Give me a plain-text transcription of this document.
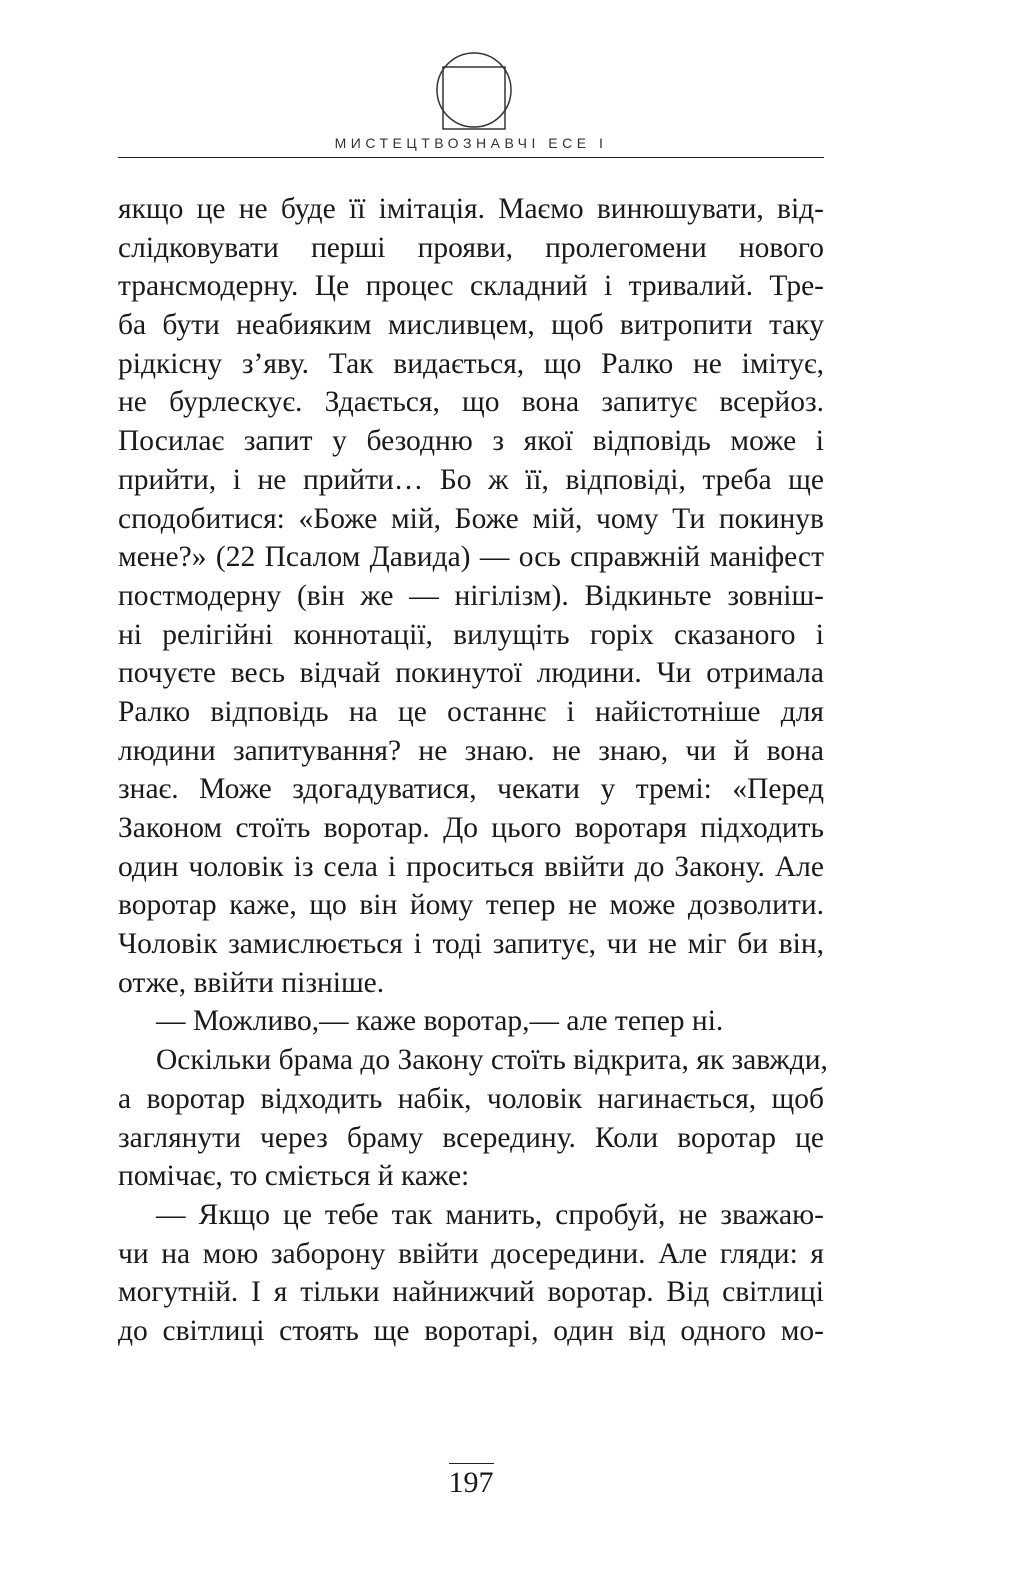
МИСТЕЦТВОЗНАВЧІ ЕСЕ І
якщо це не буде її імітація. Маємо винюшувати, від-
слідковувати перші прояви, пролегомени нового
трансмодерну. Це процес складний і тривалий. Тре-
ба бути неабияким мисливцем, щоб витропити таку
рідкісну з’яву. Так видається, що Ралко не імітує,
не бурлескує. Здається, що вона запитує всерйоз.
Посилає запит у безодню з якої відповідь може і
прийти, і не прийти… Бо ж її, відповіді, треба ще
сподобитися: «Боже мій, Боже мій, чому Ти покинув
мене?» (22 Псалом Давида) — ось справжній маніфест
постмодерну (він же — нігілізм). Відкиньте зовніш-
ні релігійні коннотації, вилущіть горіх сказаного і
почуєте весь відчай покинутої людини. Чи отримала
Ралко відповідь на це останнє і найістотніше для
людини запитування? не знаю. не знаю, чи й вона
знає. Може здогадуватися, чекати у тремі: «Перед
Законом стоїть воротар. До цього воротаря підходить
один чоловік із села і проситься ввійти до Закону. Але
воротар каже, що він йому тепер не може дозволити.
Чоловік замислюється і тоді запитує, чи не міг би він,
отже, ввійти пізніше.
— Можливо,— каже воротар,— але тепер ні.
Оскільки брама до Закону стоїть відкрита, як завжди,
а воротар відходить набік, чоловік нагинається, щоб
заглянути через браму всередину. Коли воротар це
помічає, то сміється й каже:
— Якщо це тебе так манить, спробуй, не зважаю-
чи на мою заборону ввійти досередини. Але гляди: я
могутній. І я тільки найнижчий воротар. Від світлиці
до світлиці стоять ще воротарі, один від одного мо-
197
